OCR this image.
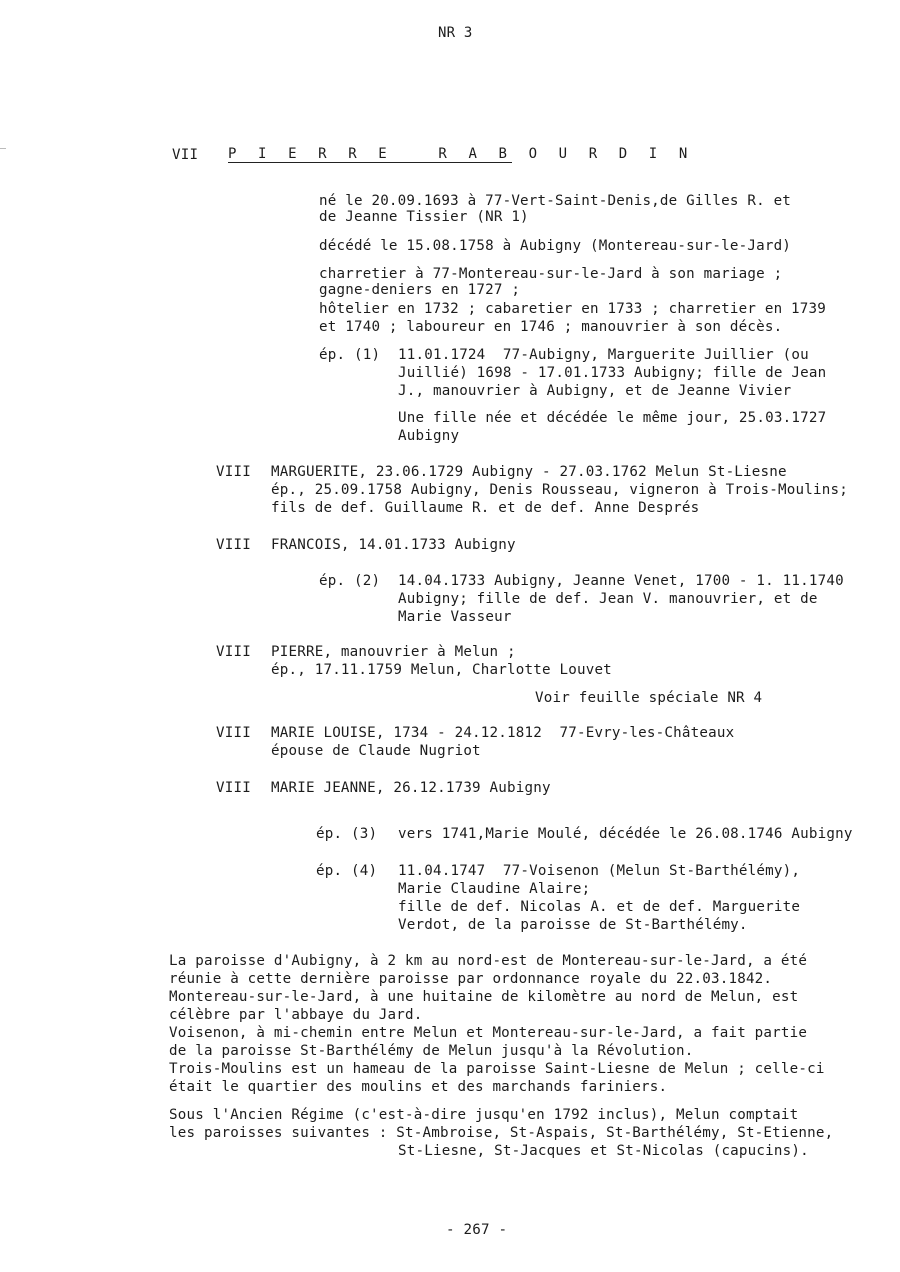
NR 3
VII P I E R R E   R A B O U R D I N
né le 20.09.1693 à 77-Vert-Saint-Denis,de Gilles R. et
de Jeanne Tissier (NR 1)
décédé le 15.08.1758 à Aubigny (Montereau-sur-le-Jard)
charretier à 77-Montereau-sur-le-Jard à son mariage ;
gagne-deniers en 1727 ;
hôtelier en 1732 ; cabaretier en 1733 ; charretier en 1739
et 1740 ; laboureur en 1746 ; manouvrier à son décès.
ép. (1) 11.01.1724  77-Aubigny, Marguerite Juillier (ou
Juillié) 1698 - 17.01.1733 Aubigny; fille de Jean
J., manouvrier à Aubigny, et de Jeanne Vivier
Une fille née et décédée le même jour, 25.03.1727
Aubigny
VIII MARGUERITE, 23.06.1729 Aubigny - 27.03.1762 Melun St-Liesne
ép., 25.09.1758 Aubigny, Denis Rousseau, vigneron à Trois-Moulins;
fils de def. Guillaume R. et de def. Anne Després
VIII FRANCOIS, 14.01.1733 Aubigny
ép. (2) 14.04.1733 Aubigny, Jeanne Venet, 1700 - 1. 11.1740
Aubigny; fille de def. Jean V. manouvrier, et de
Marie Vasseur
VIII PIERRE, manouvrier à Melun ;
ép., 17.11.1759 Melun, Charlotte Louvet
Voir feuille spéciale NR 4
VIII MARIE LOUISE, 1734 - 24.12.1812  77-Evry-les-Châteaux
épouse de Claude Nugriot
VIII MARIE JEANNE, 26.12.1739 Aubigny
ép. (3) vers 1741,Marie Moulé, décédée le 26.08.1746 Aubigny
ép. (4) 11.04.1747  77-Voisenon (Melun St-Barthélémy),
Marie Claudine Alaire;
fille de def. Nicolas A. et de def. Marguerite
Verdot, de la paroisse de St-Barthélémy.
La paroisse d'Aubigny, à 2 km au nord-est de Montereau-sur-le-Jard, a été
réunie à cette dernière paroisse par ordonnance royale du 22.03.1842.
Montereau-sur-le-Jard, à une huitaine de kilomètre au nord de Melun, est
célèbre par l'abbaye du Jard.
Voisenon, à mi-chemin entre Melun et Montereau-sur-le-Jard, a fait partie
de la paroisse St-Barthélémy de Melun jusqu'à la Révolution.
Trois-Moulins est un hameau de la paroisse Saint-Liesne de Melun ; celle-ci
était le quartier des moulins et des marchands fariniers.
Sous l'Ancien Régime (c'est-à-dire jusqu'en 1792 inclus), Melun comptait
les paroisses suivantes : St-Ambroise, St-Aspais, St-Barthélémy, St-Etienne,
St-Liesne, St-Jacques et St-Nicolas (capucins).
- 267 -
